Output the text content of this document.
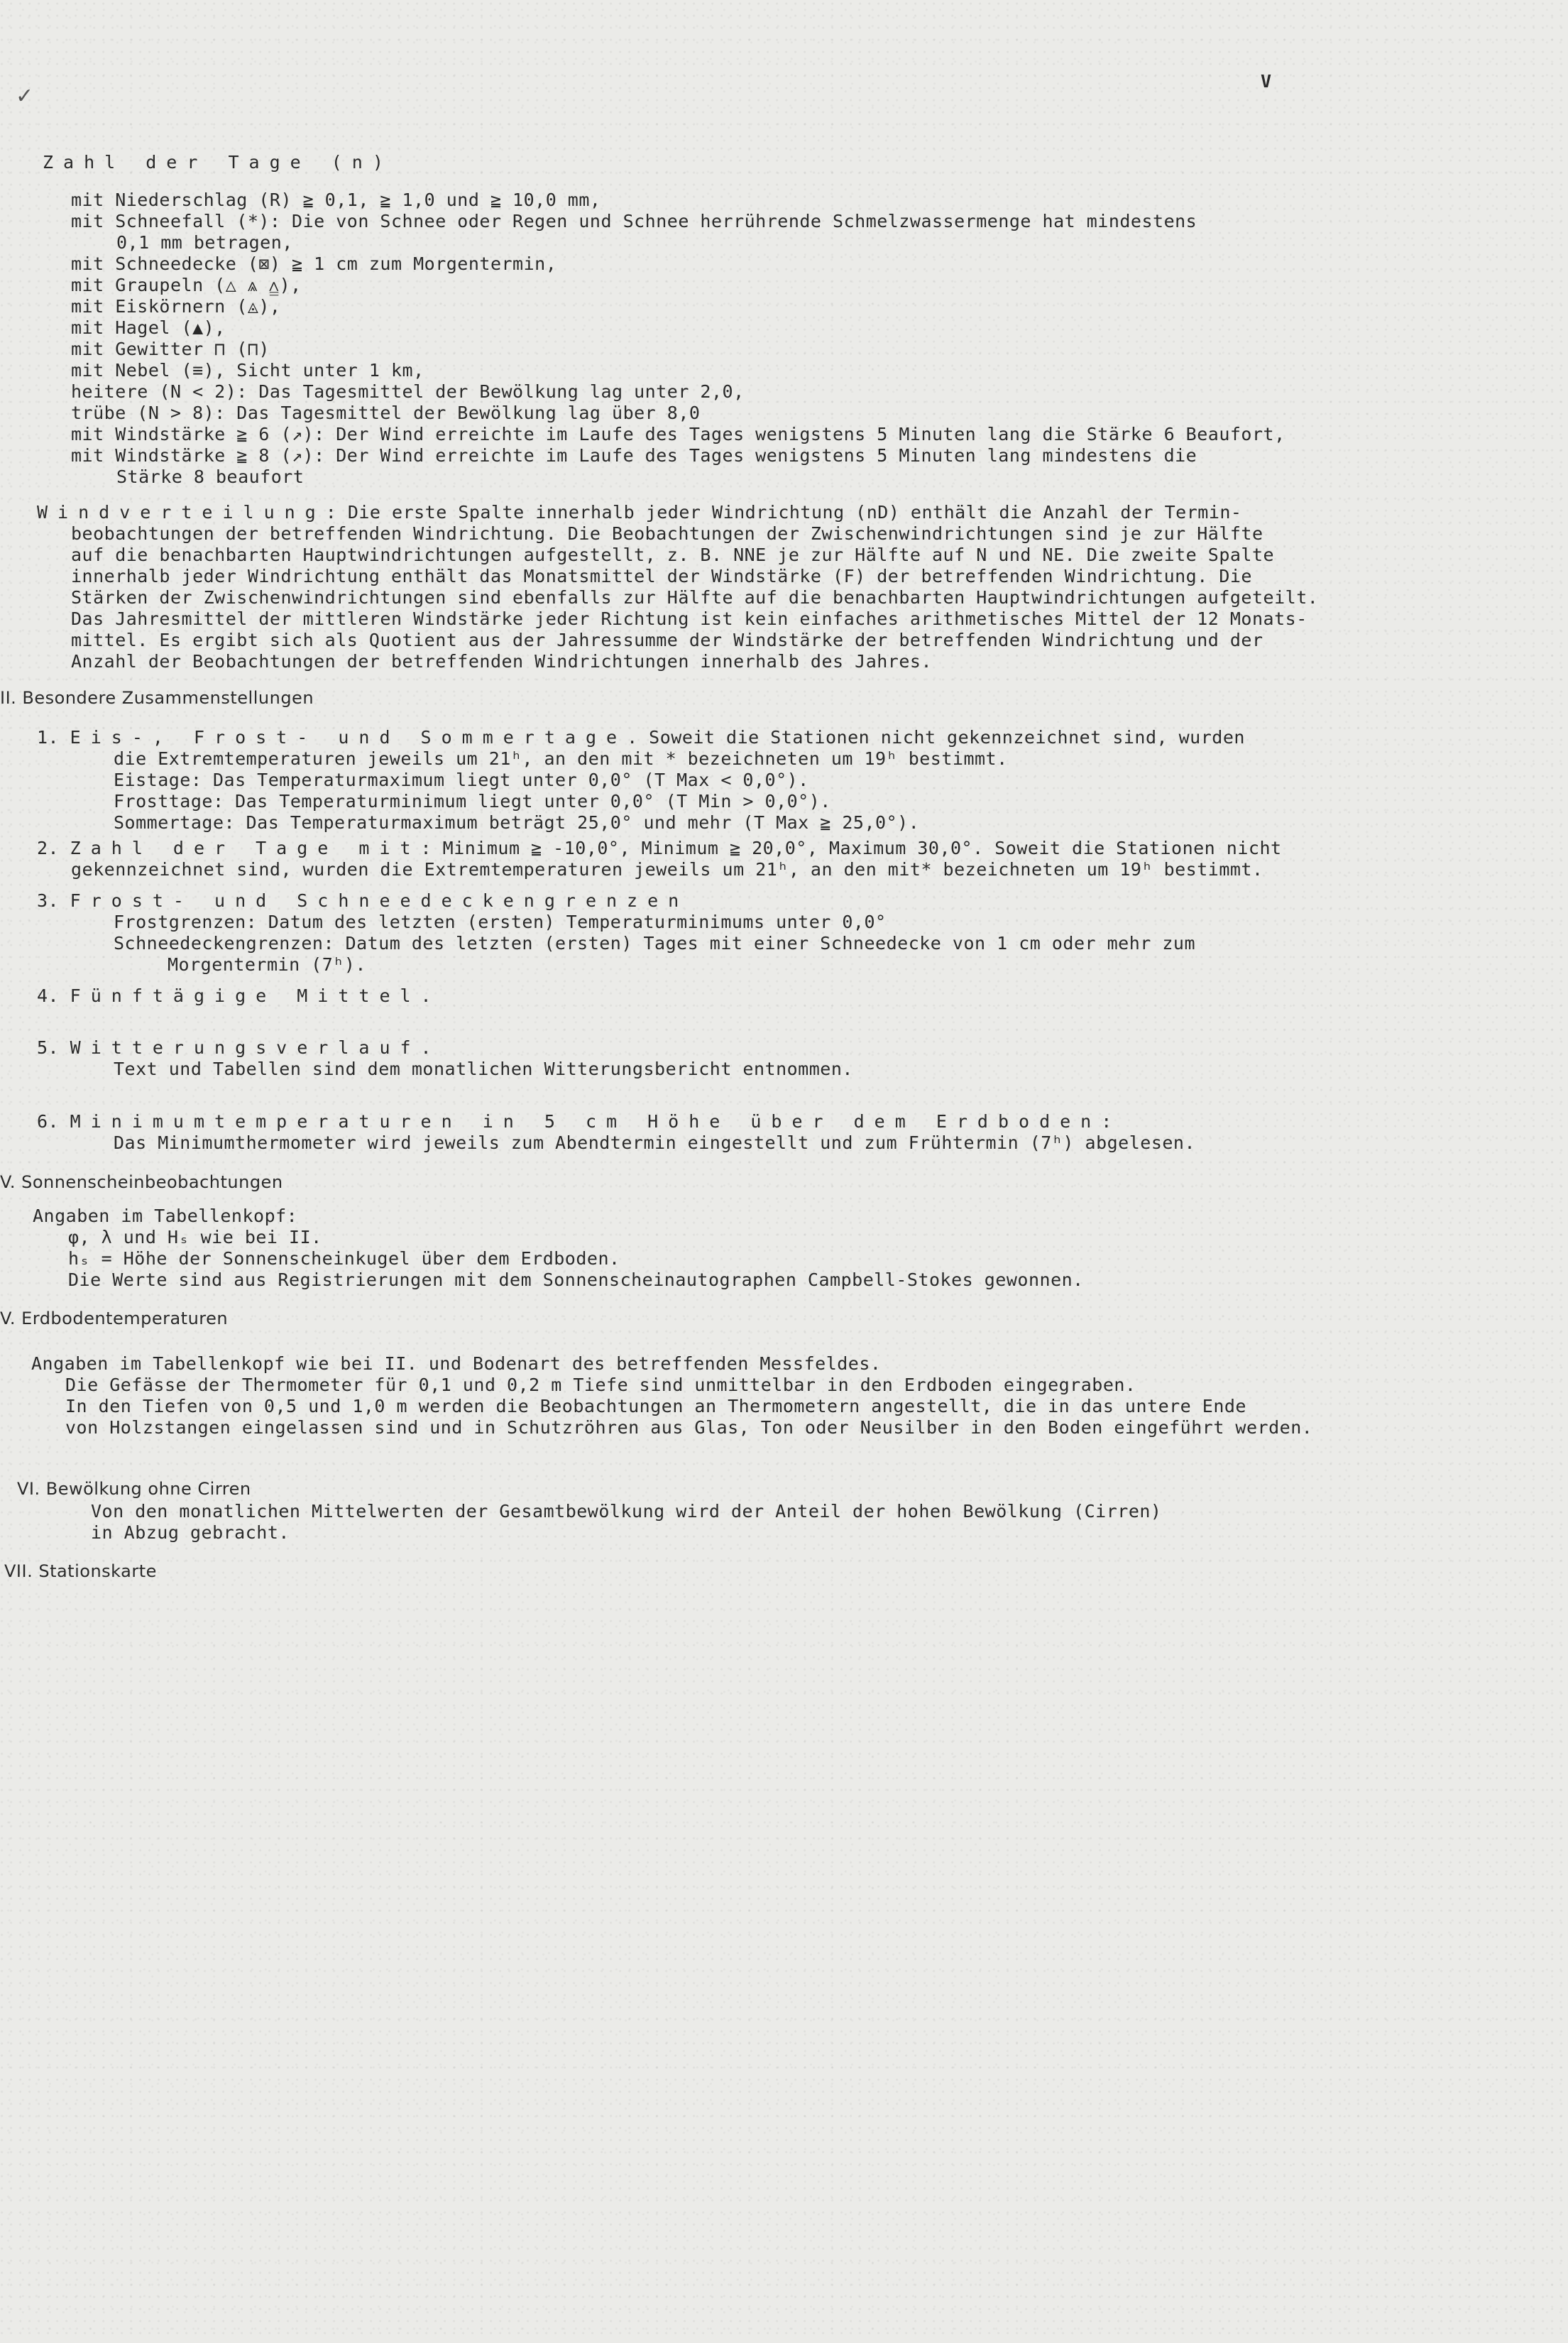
✓
V
Zahl der Tage (n)
mit Niederschlag (R) ≧ 0,1, ≧ 1,0 und ≧ 10,0 mm,
mit Schneefall (*): Die von Schnee oder Regen und Schnee herrührende Schmelzwassermenge hat mindestens
0,1 mm betragen,
mit Schneedecke (⊠) ≧ 1 cm zum Morgentermin,
mit Graupeln (△ ⩓ ⩠),
mit Eiskörnern (◬),
mit Hagel (▲),
mit Gewitter ⊓ (⊓)
mit Nebel (≡), Sicht unter 1 km,
heitere (N < 2): Das Tagesmittel der Bewölkung lag unter 2,0,
trübe (N > 8): Das Tagesmittel der Bewölkung lag über 8,0
mit Windstärke ≧ 6 (↗): Der Wind erreichte im Laufe des Tages wenigstens 5 Minuten lang die Stärke 6 Beaufort,
mit Windstärke ≧ 8 (↗): Der Wind erreichte im Laufe des Tages wenigstens 5 Minuten lang mindestens die
Stärke 8 beaufort
Windverteilung: Die erste Spalte innerhalb jeder Windrichtung (nD) enthält die Anzahl der Termin-
beobachtungen der betreffenden Windrichtung. Die Beobachtungen der Zwischenwindrichtungen sind je zur Hälfte
auf die benachbarten Hauptwindrichtungen aufgestellt, z. B. NNE je zur Hälfte auf N und NE. Die zweite Spalte
innerhalb jeder Windrichtung enthält das Monatsmittel der Windstärke (F) der betreffenden Windrichtung. Die
Stärken der Zwischenwindrichtungen sind ebenfalls zur Hälfte auf die benachbarten Hauptwindrichtungen aufgeteilt.
Das Jahresmittel der mittleren Windstärke jeder Richtung ist kein einfaches arithmetisches Mittel der 12 Monats-
mittel. Es ergibt sich als Quotient aus der Jahressumme der Windstärke der betreffenden Windrichtung und der
Anzahl der Beobachtungen der betreffenden Windrichtungen innerhalb des Jahres.
II. Besondere Zusammenstellungen
1. Eis-, Frost- und Sommertage. Soweit die Stationen nicht gekennzeichnet sind, wurden
die Extremtemperaturen jeweils um 21ʰ, an den mit * bezeichneten um 19ʰ bestimmt.
Eistage: Das Temperaturmaximum liegt unter 0,0° (T Max < 0,0°).
Frosttage: Das Temperaturminimum liegt unter 0,0° (T Min > 0,0°).
Sommertage: Das Temperaturmaximum beträgt 25,0° und mehr (T Max ≧ 25,0°).
2. Zahl der Tage mit: Minimum ≧ -10,0°, Minimum ≧ 20,0°, Maximum 30,0°. Soweit die Stationen nicht
gekennzeichnet sind, wurden die Extremtemperaturen jeweils um 21ʰ, an den mit* bezeichneten um 19ʰ bestimmt.
3. Frost- und Schneedeckengrenzen
Frostgrenzen: Datum des letzten (ersten) Temperaturminimums unter 0,0°
Schneedeckengrenzen: Datum des letzten (ersten) Tages mit einer Schneedecke von 1 cm oder mehr zum
Morgentermin (7ʰ).
4. Fünftägige Mittel.
5. Witterungsverlauf.
Text und Tabellen sind dem monatlichen Witterungsbericht entnommen.
6. Minimumtemperaturen in 5 cm Höhe über dem Erdboden:
Das Minimumthermometer wird jeweils zum Abendtermin eingestellt und zum Frühtermin (7ʰ) abgelesen.
V. Sonnenscheinbeobachtungen
Angaben im Tabellenkopf:
φ, λ und Hₛ wie bei II.
hₛ = Höhe der Sonnenscheinkugel über dem Erdboden.
Die Werte sind aus Registrierungen mit dem Sonnenscheinautographen Campbell-Stokes gewonnen.
V. Erdbodentemperaturen
Angaben im Tabellenkopf wie bei II. und Bodenart des betreffenden Messfeldes.
Die Gefässe der Thermometer für 0,1 und 0,2 m Tiefe sind unmittelbar in den Erdboden eingegraben.
In den Tiefen von 0,5 und 1,0 m werden die Beobachtungen an Thermometern angestellt, die in das untere Ende
von Holzstangen eingelassen sind und in Schutzröhren aus Glas, Ton oder Neusilber in den Boden eingeführt werden.
VI. Bewölkung ohne Cirren
Von den monatlichen Mittelwerten der Gesamtbewölkung wird der Anteil der hohen Bewölkung (Cirren)
in Abzug gebracht.
VII. Stationskarte
